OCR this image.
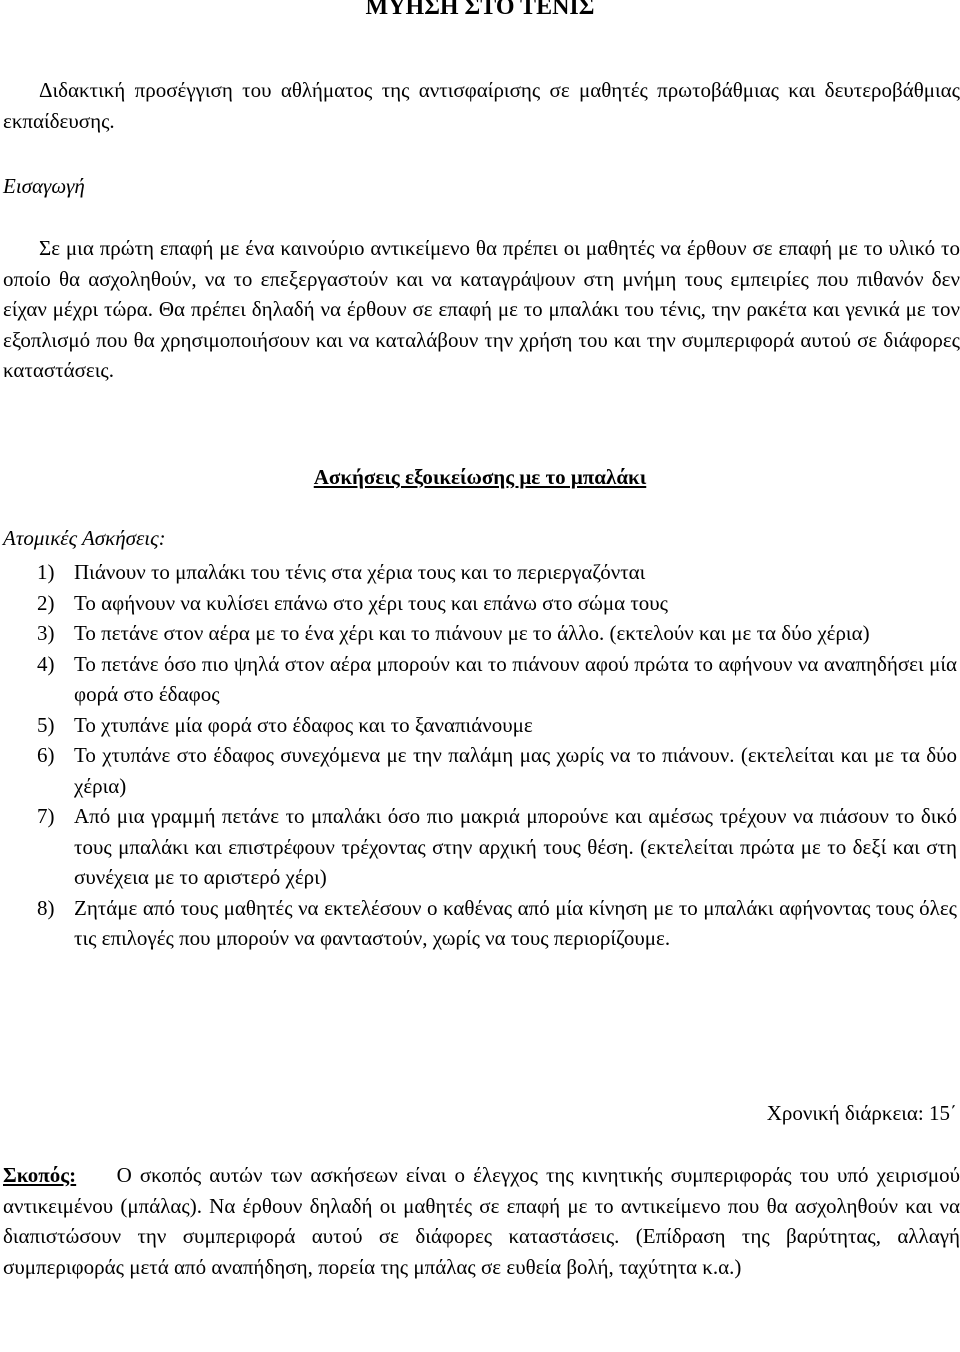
ΜΥΗΣΗ ΣΤΟ ΤΕΝΙΣ
Διδακτική προσέγγιση του αθλήματος της αντισφαίρισης σε μαθητές πρωτοβάθμιας και δευτεροβάθμιας εκπαίδευσης.
Εισαγωγή
Σε μια πρώτη επαφή με ένα καινούριο αντικείμενο θα πρέπει οι μαθητές να έρθουν σε επαφή με το υλικό το οποίο θα ασχοληθούν, να το επεξεργαστούν και να καταγράψουν στη μνήμη τους εμπειρίες που πιθανόν δεν είχαν μέχρι τώρα. Θα πρέπει δηλαδή να έρθουν σε επαφή με το μπαλάκι του τένις, την ρακέτα και γενικά με τον εξοπλισμό που θα χρησιμοποιήσουν και να καταλάβουν την χρήση του και την συμπεριφορά αυτού σε διάφορες καταστάσεις.
Ασκήσεις εξοικείωσης με το μπαλάκι
Ατομικές Ασκήσεις:
1) Πιάνουν το μπαλάκι του τένις στα χέρια τους και το περιεργαζόνται
2) Το αφήνουν να κυλίσει επάνω στο χέρι τους και επάνω στο σώμα τους
3) Το πετάνε στον αέρα με το ένα χέρι και το πιάνουν με το άλλο. (εκτελούν και με τα δύο χέρια)
4) Το πετάνε όσο πιο ψηλά στον αέρα μπορούν και το πιάνουν αφού πρώτα το αφήνουν να αναπηδήσει μία φορά στο έδαφος
5) Το χτυπάνε μία φορά στο έδαφος και το ξαναπιάνουμε
6) Το χτυπάνε στο έδαφος συνεχόμενα με την παλάμη μας χωρίς να το πιάνουν. (εκτελείται και με τα δύο χέρια)
7) Από μια γραμμή πετάνε το μπαλάκι όσο πιο μακριά μπορούνε και αμέσως τρέχουν να πιάσουν το δικό τους μπαλάκι και επιστρέφουν τρέχοντας στην αρχική τους θέση. (εκτελείται πρώτα με το δεξί και στη συνέχεια με το αριστερό χέρι)
8) Ζητάμε από τους μαθητές να εκτελέσουν ο καθένας από μία κίνηση με το μπαλάκι αφήνοντας τους όλες τις επιλογές που μπορούν να φανταστούν, χωρίς να τους περιορίζουμε.
Χρονική διάρκεια: 15΄
Σκοπός: Ο σκοπός αυτών των ασκήσεων είναι ο έλεγχος της κινητικής συμπεριφοράς του υπό χειρισμού αντικειμένου (μπάλας). Να έρθουν δηλαδή οι μαθητές σε επαφή με το αντικείμενο που θα ασχοληθούν και να διαπιστώσουν την συμπεριφορά αυτού σε διάφορες καταστάσεις. (Επίδραση της βαρύτητας, αλλαγή συμπεριφοράς μετά από αναπήδηση, πορεία της μπάλας σε ευθεία βολή, ταχύτητα κ.α.)
